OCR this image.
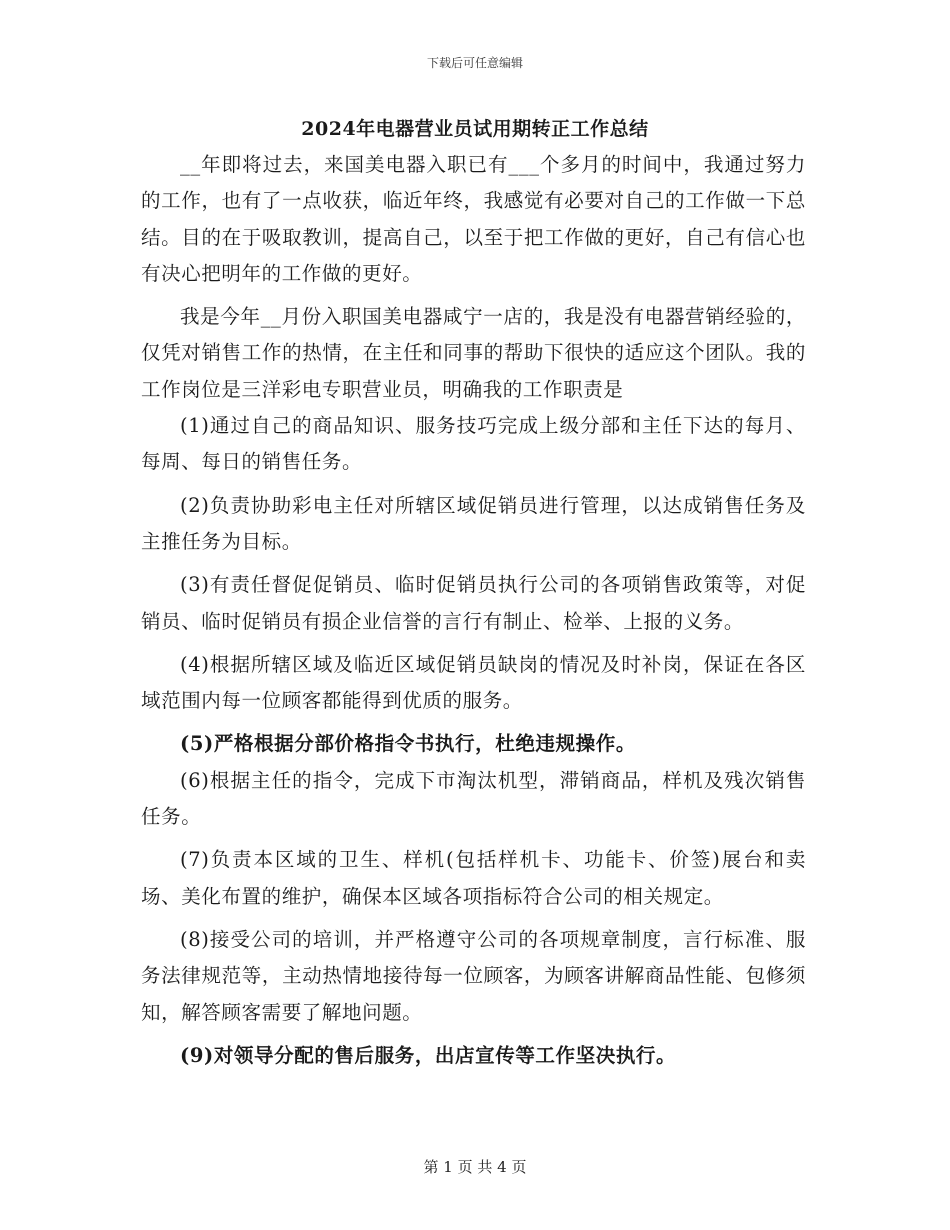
下载后可任意编辑
2024年电器营业员试用期转正工作总结

__年即将过去，来国美电器入职已有___个多月的时间中，我通过努力的工作，也有了一点收获，临近年终，我感觉有必要对自己的工作做一下总结。目的在于吸取教训，提高自己，以至于把工作做的更好，自己有信心也有决心把明年的工作做的更好。

我是今年__月份入职国美电器咸宁一店的，我是没有电器营销经验的，仅凭对销售工作的热情，在主任和同事的帮助下很快的适应这个团队。我的工作岗位是三洋彩电专职营业员，明确我的工作职责是

(1)通过自己的商品知识、服务技巧完成上级分部和主任下达的每月、每周、每日的销售任务。

(2)负责协助彩电主任对所辖区域促销员进行管理，以达成销售任务及主推任务为目标。

(3)有责任督促促销员、临时促销员执行公司的各项销售政策等，对促销员、临时促销员有损企业信誉的言行有制止、检举、上报的义务。

(4)根据所辖区域及临近区域促销员缺岗的情况及时补岗，保证在各区域范围内每一位顾客都能得到优质的服务。

(5)严格根据分部价格指令书执行，杜绝违规操作。

(6)根据主任的指令，完成下市淘汰机型，滞销商品，样机及残次销售任务。

(7)负责本区域的卫生、样机(包括样机卡、功能卡、价签)展台和卖场、美化布置的维护，确保本区域各项指标符合公司的相关规定。

(8)接受公司的培训，并严格遵守公司的各项规章制度，言行标准、服务法律规范等，主动热情地接待每一位顾客，为顾客讲解商品性能、包修须知，解答顾客需要了解地问题。

(9)对领导分配的售后服务，出店宣传等工作坚决执行。

第 1 页 共 4 页
